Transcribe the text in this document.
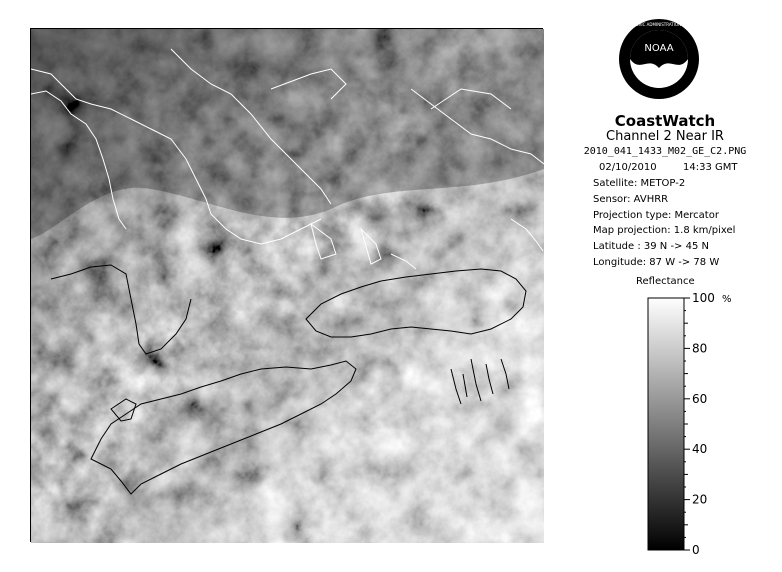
NOAA
NATIONAL OCEANIC AND ATMOSPHERIC ADMINISTRATION · U.S. DEPARTMENT OF COMMERCE
CoastWatch
Channel 2 Near IR
2010_041_1433_M02_GE_C2.PNG
02/10/2010	14:33 GMT
Satellite: METOP-2
Sensor: AVHRR
Projection type: Mercator
Map projection: 1.8 km/pixel
Latitude : 39 N -> 45 N
Longitude: 87 W -> 78 W
Reflectance
%
100
80
60
40
20
0
